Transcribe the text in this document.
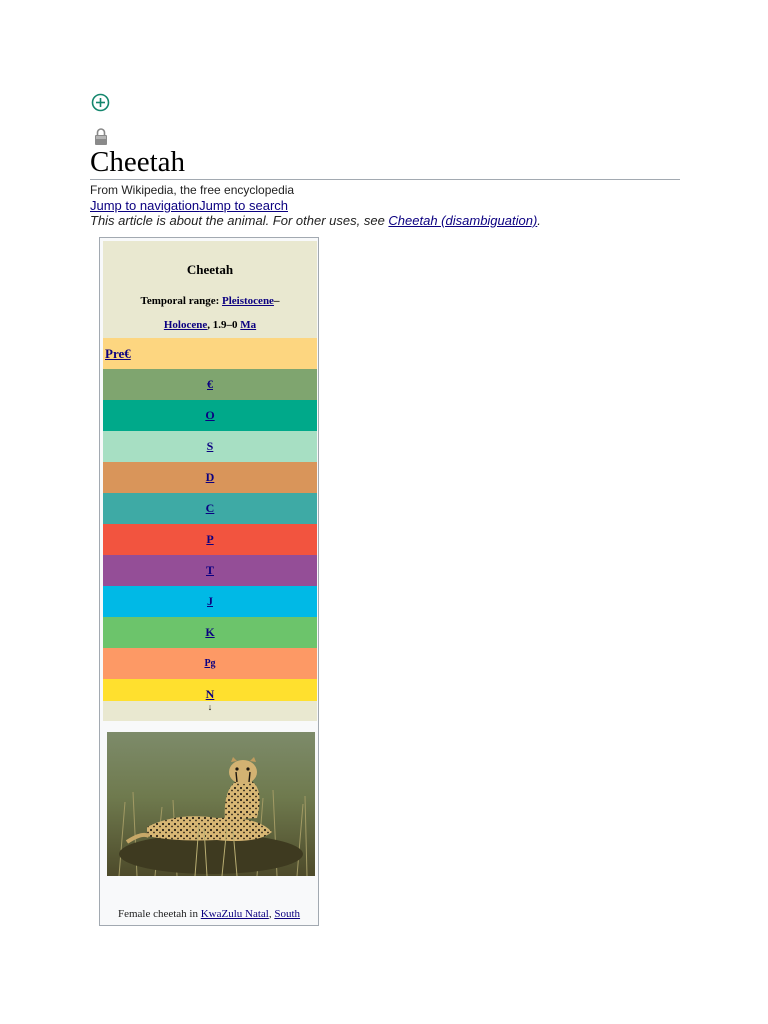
Cheetah
From Wikipedia, the free encyclopedia
Jump to navigationJump to search
This article is about the animal. For other uses, see Cheetah (disambiguation).
Cheetah
Temporal range: Pleistocene–
Holocene, 1.9–0 Ma
Pre€
€
O
S
D
C
P
T
J
K
Pg
N
↓
Female cheetah in KwaZulu Natal, South
